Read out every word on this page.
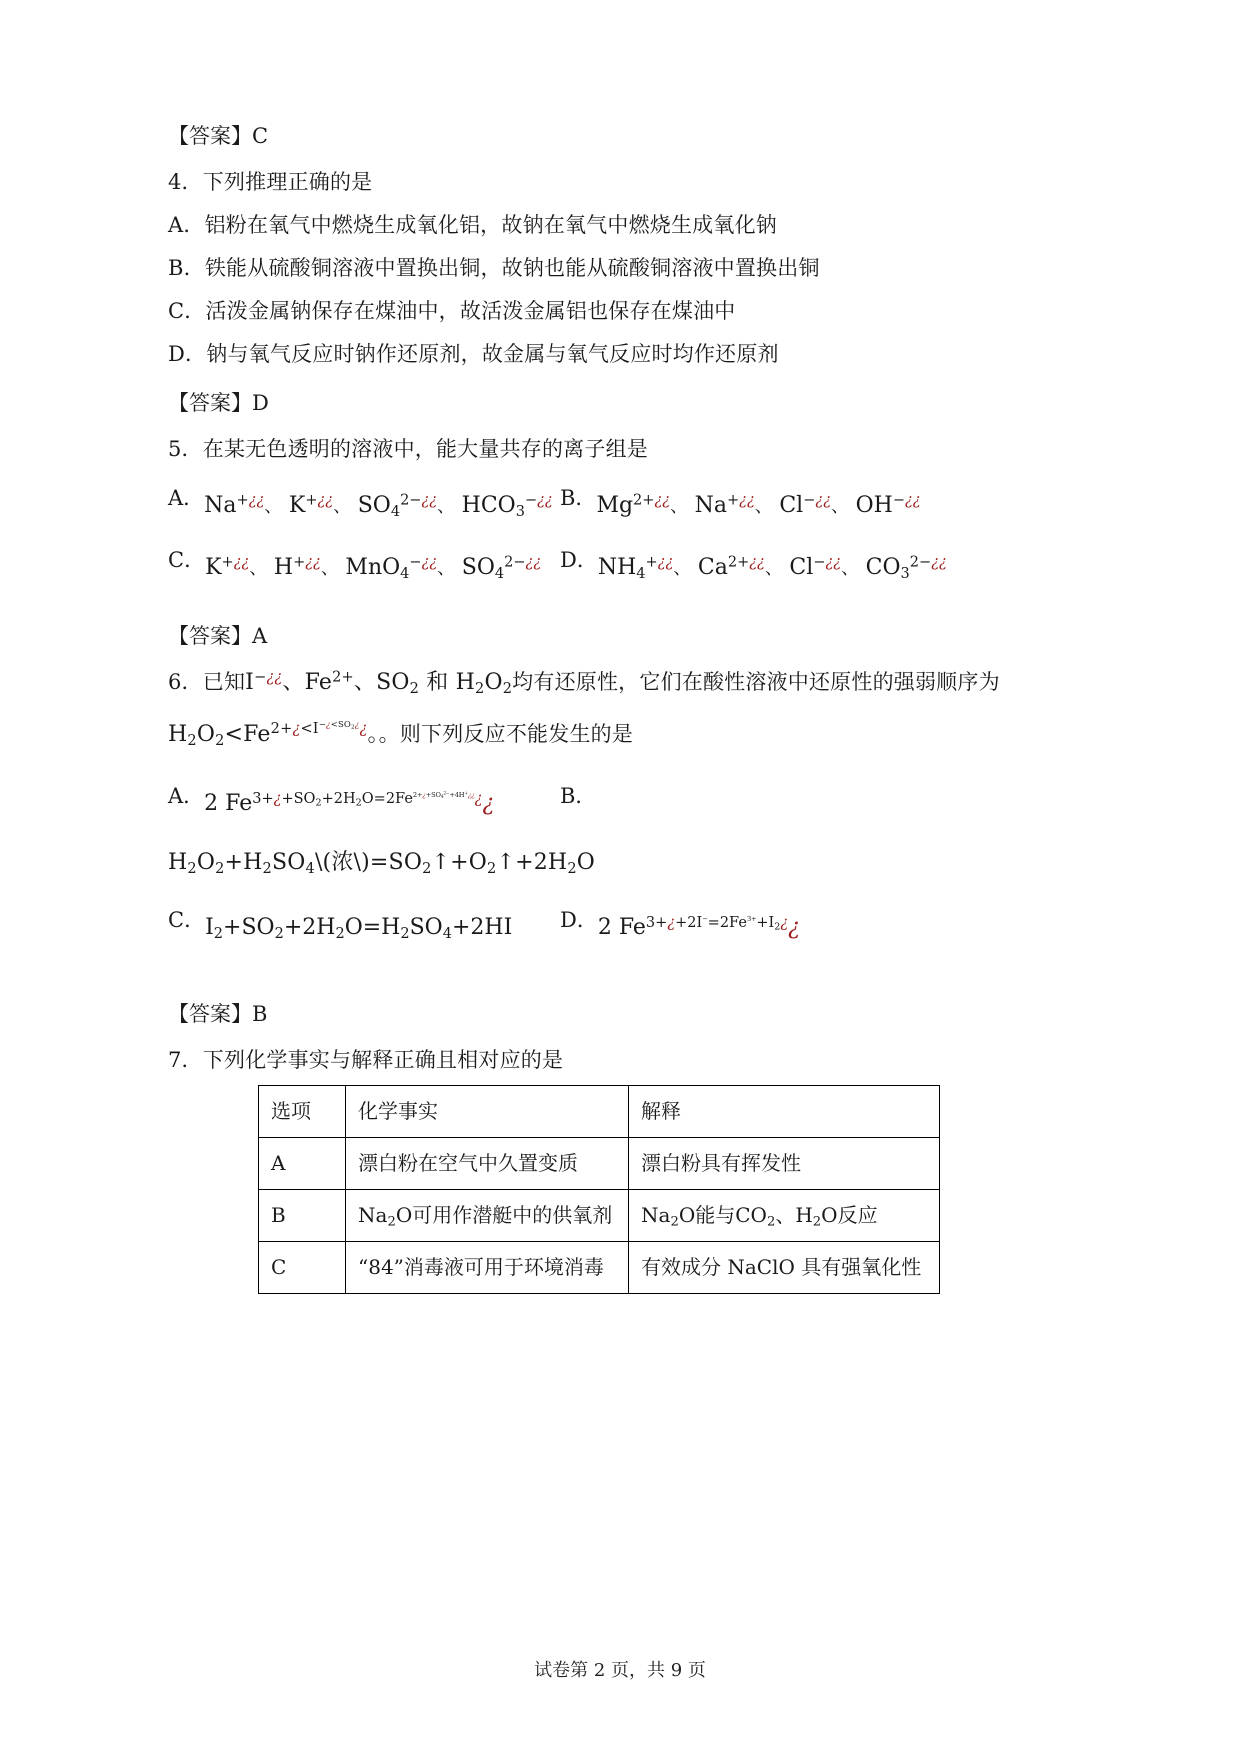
【答案】C
4．下列推理正确的是
A．铝粉在氧气中燃烧生成氧化铝，故钠在氧气中燃烧生成氧化钠
B．铁能从硫酸铜溶液中置换出铜，故钠也能从硫酸铜溶液中置换出铜
C．活泼金属钠保存在煤油中，故活泼金属铝也保存在煤油中
D．钠与氧气反应时钠作还原剂，故金属与氧气反应时均作还原剂
【答案】D
5．在某无色透明的溶液中，能大量共存的离子组是
A．Na+¿¿、 K+¿¿、 $SO_4^{2-¿¿}$、 $HCO_3^{-¿¿}$ B．$Mg^{2+¿¿}$、 Na+¿¿、 Cl−¿¿、 OH−¿¿
C．K+¿¿、 H+¿¿、 MnO$_4$−¿¿、 $SO_4^{2-¿¿}$ D．$NH_4^{+¿¿}$、 $Ca^{2+¿¿}$、 Cl−¿¿、 $CO_3^{2-¿¿}$
【答案】A
6．已知I−¿¿、$Fe^{2+}$、$SO_2$ 和 $H_2O_2$均有还原性，它们在酸性溶液中还原性的强弱顺序为
$H_2O_2<Fe^{2+¿<I^{-¿<SO_2¿}¿}$。。则下列反应不能发生的是
A．2 $Fe^{3+¿+SO_2+2H_2O=2Fe^{2+¿+SO_4^{2-}+4H^+¿¿}¿}¿$	B．
$H_2O_2+H_2SO_4\backslash$(浓$\backslash)=SO_2↑+O_2↑+2H_2O$
C．$I_2+SO_2+2H_2O=H_2SO_4+2HI$ D．2 $Fe^{3+¿+2I^-=2Fe^{3+}+I_2¿}¿$
【答案】B
7．下列化学事实与解释正确且相对应的是
选项	化学事实	解释
A	漂白粉在空气中久置变质	漂白粉具有挥发性
B	$Na_2O$可用作潜艇中的供氧剂	$Na_2O$能与$CO_2$、$H_2O$反应
C	“84”消毒液可用于环境消毒	有效成分 NaClO 具有强氧化性
试卷第 2 页，共 9 页
